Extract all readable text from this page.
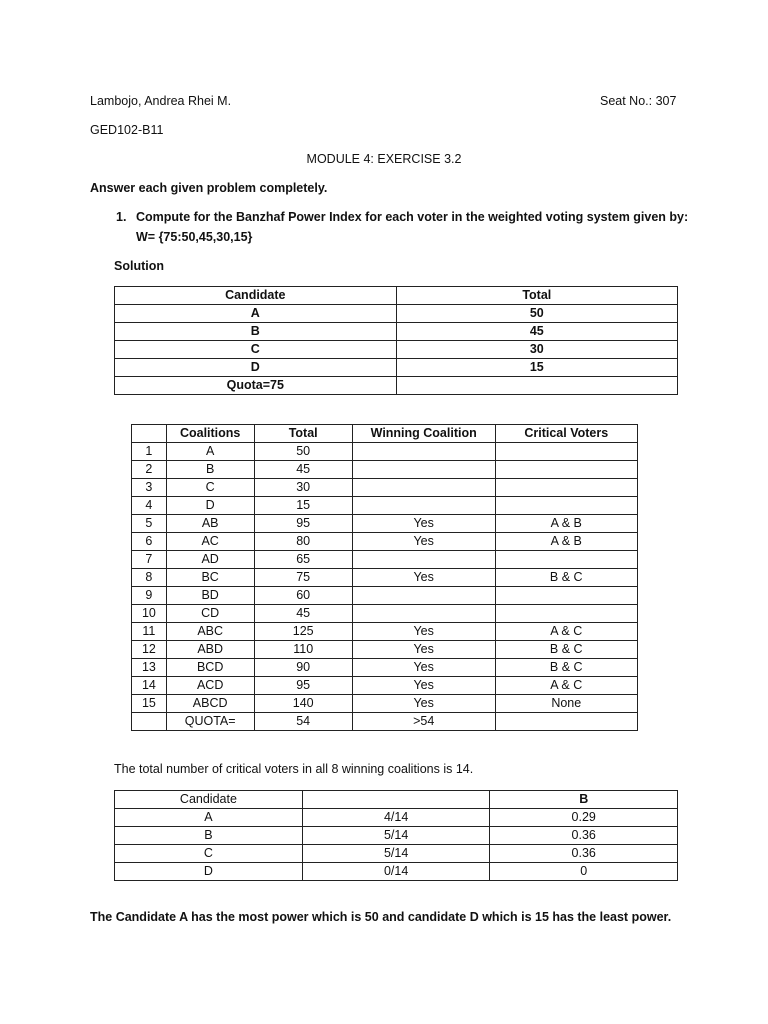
Lambojo, Andrea Rhei M.	Seat No.: 307
GED102-B11
MODULE 4: EXERCISE 3.2
Answer each given problem completely.
1. Compute for the Banzhaf Power Index for each voter in the weighted voting system given by:
W= {75:50,45,30,15}
Solution
Candidate	Total
A	50
B	45
C	30
D	15
Quota=75	
	Coalitions	Total	Winning Coalition	Critical Voters
1	A	50		
2	B	45		
3	C	30		
4	D	15		
5	AB	95	Yes	A & B
6	AC	80	Yes	A & B
7	AD	65		
8	BC	75	Yes	B & C
9	BD	60		
10	CD	45		
11	ABC	125	Yes	A & C
12	ABD	110	Yes	B & C
13	BCD	90	Yes	B & C
14	ACD	95	Yes	A & C
15	ABCD	140	Yes	None
	QUOTA=	54	>54	
The total number of critical voters in all 8 winning coalitions is 14.
Candidate		B
A	4/14	0.29
B	5/14	0.36
C	5/14	0.36
D	0/14	0
The Candidate A has the most power which is 50 and candidate D which is 15 has the least power.
